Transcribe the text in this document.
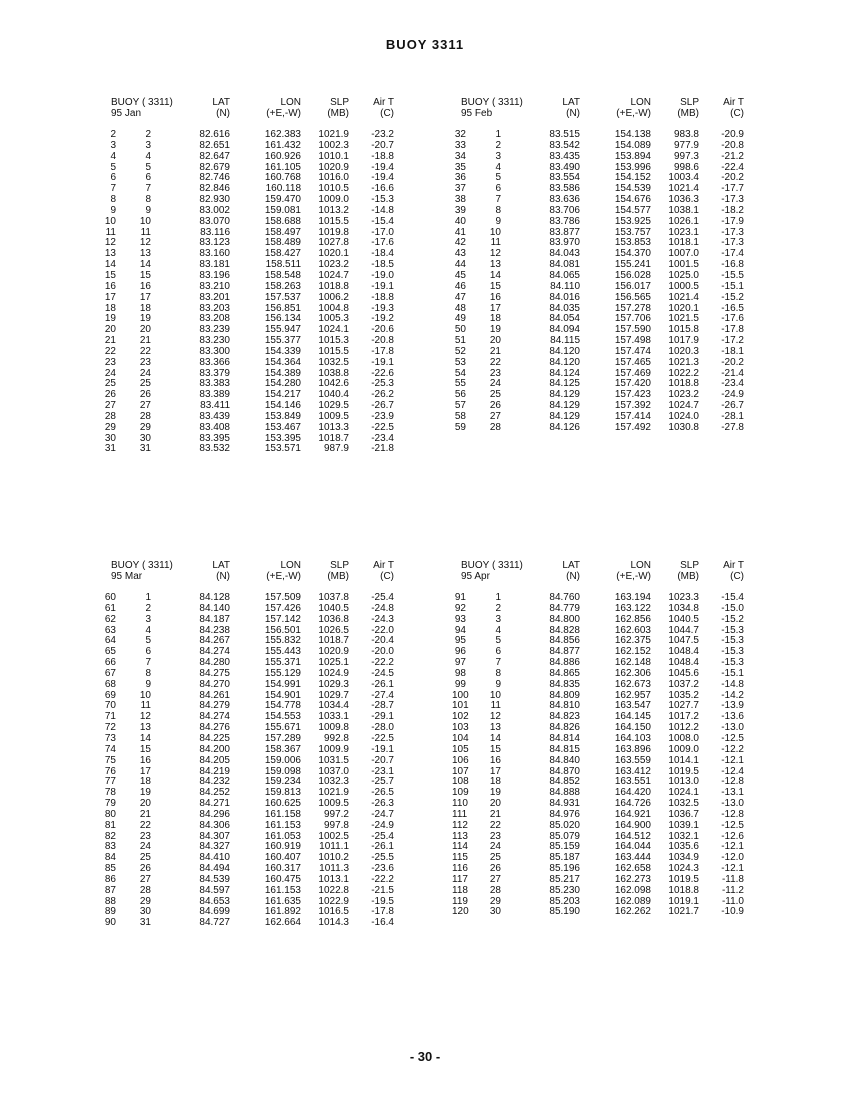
BUOY 3311
BUOY ( 3311)	LAT	LON	SLP	Air T
95 Jan	(N)	(+E,-W)	(MB)	(C)
2	2	82.616	162.383	1021.9	-23.2
3	3	82.651	161.432	1002.3	-20.7
4	4	82.647	160.926	1010.1	-18.8
5	5	82.679	161.105	1020.9	-19.4
6	6	82.746	160.768	1016.0	-19.4
7	7	82.846	160.118	1010.5	-16.6
8	8	82.930	159.470	1009.0	-15.3
9	9	83.002	159.081	1013.2	-14.8
10	10	83.070	158.688	1015.5	-15.4
11	11	83.116	158.497	1019.8	-17.0
12	12	83.123	158.489	1027.8	-17.6
13	13	83.160	158.427	1020.1	-18.4
14	14	83.181	158.511	1023.2	-18.5
15	15	83.196	158.548	1024.7	-19.0
16	16	83.210	158.263	1018.8	-19.1
17	17	83.201	157.537	1006.2	-18.8
18	18	83.203	156.851	1004.8	-19.3
19	19	83.208	156.134	1005.3	-19.2
20	20	83.239	155.947	1024.1	-20.6
21	21	83.230	155.377	1015.3	-20.8
22	22	83.300	154.339	1015.5	-17.8
23	23	83.366	154.364	1032.5	-19.1
24	24	83.379	154.389	1038.8	-22.6
25	25	83.383	154.280	1042.6	-25.3
26	26	83.389	154.217	1040.4	-26.2
27	27	83.411	154.146	1029.5	-26.7
28	28	83.439	153.849	1009.5	-23.9
29	29	83.408	153.467	1013.3	-22.5
30	30	83.395	153.395	1018.7	-23.4
31	31	83.532	153.571	987.9	-21.8
BUOY ( 3311)	LAT	LON	SLP	Air T
95 Feb	(N)	(+E,-W)	(MB)	(C)
32	1	83.515	154.138	983.8	-20.9
33	2	83.542	154.089	977.9	-20.8
34	3	83.435	153.894	997.3	-21.2
35	4	83.490	153.996	998.6	-22.4
36	5	83.554	154.152	1003.4	-20.2
37	6	83.586	154.539	1021.4	-17.7
38	7	83.636	154.676	1036.3	-17.3
39	8	83.706	154.577	1038.1	-18.2
40	9	83.786	153.925	1026.1	-17.9
41	10	83.877	153.757	1023.1	-17.3
42	11	83.970	153.853	1018.1	-17.3
43	12	84.043	154.370	1007.0	-17.4
44	13	84.081	155.241	1001.5	-16.8
45	14	84.065	156.028	1025.0	-15.5
46	15	84.110	156.017	1000.5	-15.1
47	16	84.016	156.565	1021.4	-15.2
48	17	84.035	157.278	1020.1	-16.5
49	18	84.054	157.706	1021.5	-17.6
50	19	84.094	157.590	1015.8	-17.8
51	20	84.115	157.498	1017.9	-17.2
52	21	84.120	157.474	1020.3	-18.1
53	22	84.120	157.465	1021.3	-20.2
54	23	84.124	157.469	1022.2	-21.4
55	24	84.125	157.420	1018.8	-23.4
56	25	84.129	157.423	1023.2	-24.9
57	26	84.129	157.392	1024.7	-26.7
58	27	84.129	157.414	1024.0	-28.1
59	28	84.126	157.492	1030.8	-27.8
BUOY ( 3311)	LAT	LON	SLP	Air T
95 Mar	(N)	(+E,-W)	(MB)	(C)
60	1	84.128	157.509	1037.8	-25.4
61	2	84.140	157.426	1040.5	-24.8
62	3	84.187	157.142	1036.8	-24.3
63	4	84.238	156.501	1026.5	-22.0
64	5	84.267	155.832	1018.7	-20.4
65	6	84.274	155.443	1020.9	-20.0
66	7	84.280	155.371	1025.1	-22.2
67	8	84.275	155.129	1024.9	-24.5
68	9	84.270	154.991	1029.3	-26.1
69	10	84.261	154.901	1029.7	-27.4
70	11	84.279	154.778	1034.4	-28.7
71	12	84.274	154.553	1033.1	-29.1
72	13	84.276	155.671	1009.8	-28.0
73	14	84.225	157.289	992.8	-22.5
74	15	84.200	158.367	1009.9	-19.1
75	16	84.205	159.006	1031.5	-20.7
76	17	84.219	159.098	1037.0	-23.1
77	18	84.232	159.234	1032.3	-25.7
78	19	84.252	159.813	1021.9	-26.5
79	20	84.271	160.625	1009.5	-26.3
80	21	84.296	161.158	997.2	-24.7
81	22	84.306	161.153	997.8	-24.9
82	23	84.307	161.053	1002.5	-25.4
83	24	84.327	160.919	1011.1	-26.1
84	25	84.410	160.407	1010.2	-25.5
85	26	84.494	160.317	1011.3	-23.6
86	27	84.539	160.475	1013.1	-22.2
87	28	84.597	161.153	1022.8	-21.5
88	29	84.653	161.635	1022.9	-19.5
89	30	84.699	161.892	1016.5	-17.8
90	31	84.727	162.664	1014.3	-16.4
BUOY ( 3311)	LAT	LON	SLP	Air T
95 Apr	(N)	(+E,-W)	(MB)	(C)
91	1	84.760	163.194	1023.3	-15.4
92	2	84.779	163.122	1034.8	-15.0
93	3	84.800	162.856	1040.5	-15.2
94	4	84.828	162.603	1044.7	-15.3
95	5	84.856	162.375	1047.5	-15.3
96	6	84.877	162.152	1048.4	-15.3
97	7	84.886	162.148	1048.4	-15.3
98	8	84.865	162.306	1045.6	-15.1
99	9	84.835	162.673	1037.2	-14.8
100	10	84.809	162.957	1035.2	-14.2
101	11	84.810	163.547	1027.7	-13.9
102	12	84.823	164.145	1017.2	-13.6
103	13	84.826	164.150	1012.2	-13.0
104	14	84.814	164.103	1008.0	-12.5
105	15	84.815	163.896	1009.0	-12.2
106	16	84.840	163.559	1014.1	-12.1
107	17	84.870	163.412	1019.5	-12.4
108	18	84.852	163.551	1013.0	-12.8
109	19	84.888	164.420	1024.1	-13.1
110	20	84.931	164.726	1032.5	-13.0
111	21	84.976	164.921	1036.7	-12.8
112	22	85.020	164.900	1039.1	-12.5
113	23	85.079	164.512	1032.1	-12.6
114	24	85.159	164.044	1035.6	-12.1
115	25	85.187	163.444	1034.9	-12.0
116	26	85.196	162.658	1024.3	-12.1
117	27	85.217	162.273	1019.5	-11.8
118	28	85.230	162.098	1018.8	-11.2
119	29	85.203	162.089	1019.1	-11.0
120	30	85.190	162.262	1021.7	-10.9
- 30 -
